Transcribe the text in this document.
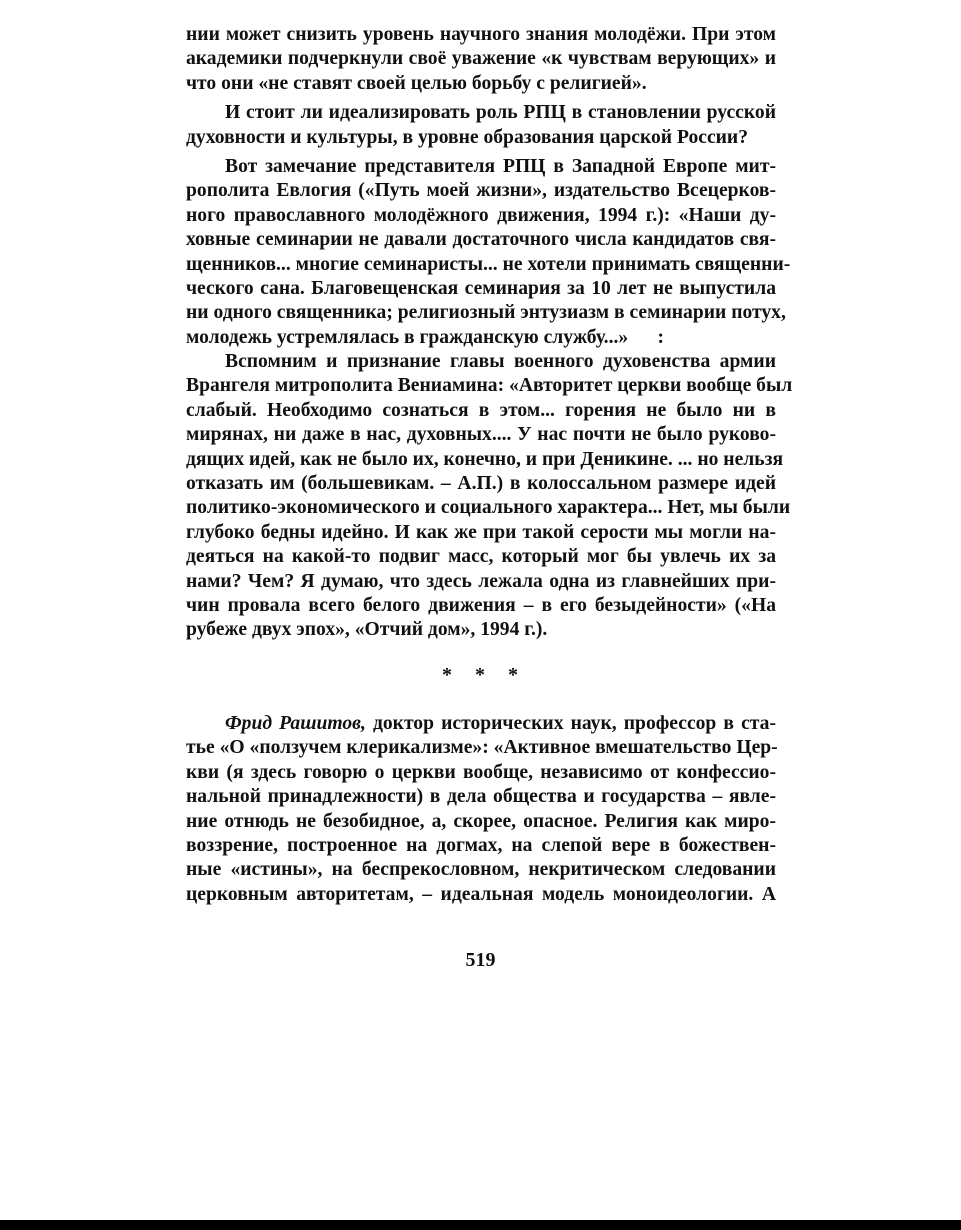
нии может снизить уровень научного знания молодёжи. При этом
академики подчеркнули своё уважение «к чувствам верующих» и
что они «не ставят своей целью борьбу с религией».
И стоит ли идеализировать роль РПЦ в становлении русской
духовности и культуры, в уровне образования царской России?
Вот замечание представителя РПЦ в Западной Европе мит-
рополита Евлогия («Путь моей жизни», издательство Всецерков-
ного православного молодёжного движения, 1994 г.): «Наши ду-
ховные семинарии не давали достаточного числа кандидатов свя-
щенников... многие семинаристы... не хотели принимать священни-
ческого сана. Благовещенская семинария за 10 лет не выпустила
ни одного священника; религиозный энтузиазм в семинарии потух,
молодежь устремлялась в гражданскую службу...»      :
Вспомним и признание главы военного духовенства армии
Врангеля митрополита Вениамина: «Авторитет церкви вообще был
слабый. Необходимо сознаться в этом... горения не было ни в
мирянах, ни даже в нас, духовных.... У нас почти не было руково-
дящих идей, как не было их, конечно, и при Деникине. ... но нельзя
отказать им (большевикам. – А.П.) в колоссальном размере идей
политико-экономического и социального характера... Нет, мы были
глубоко бедны идейно. И как же при такой серости мы могли на-
деяться на какой-то подвиг масс, который мог бы увлечь их за
нами? Чем? Я думаю, что здесь лежала одна из главнейших при-
чин провала всего белого движения – в его безыдейности» («На
рубеже двух эпох», «Отчий дом», 1994 г.).
* * *
Фрид Рашитов, доктор исторических наук, профессор в ста-
тье «О «ползучем клерикализме»: «Активное вмешательство Цер-
кви (я здесь говорю о церкви вообще, независимо от конфессио-
нальной принадлежности) в дела общества и государства – явле-
ние отнюдь не безобидное, а, скорее, опасное. Религия как миро-
воззрение, построенное на догмах, на слепой вере в божествен-
ные «истины», на беспрекословном, некритическом следовании
церковным авторитетам, – идеальная модель моноидеологии. А
519
